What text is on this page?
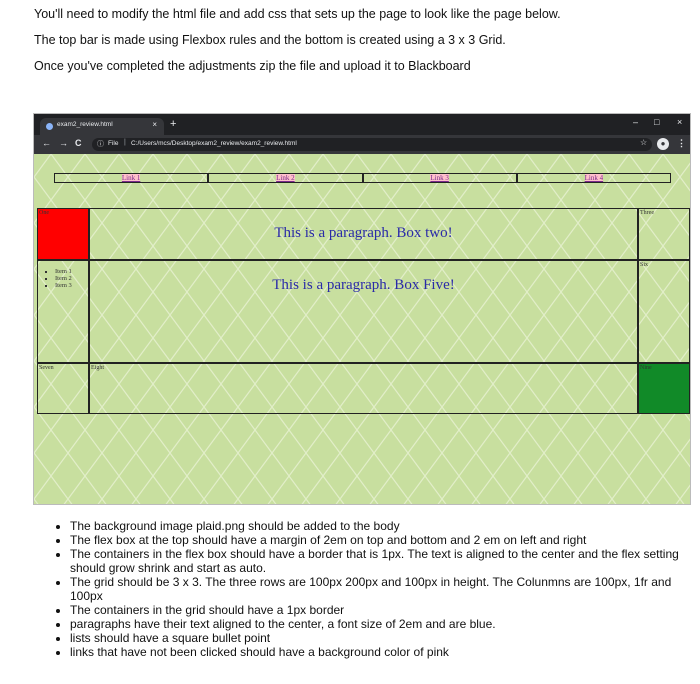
You'll need to modify the html file and add css that sets up the page to look like the page below.

The top bar is made using Flexbox rules and the bottom is created using a 3 x 3 Grid.

Once you've completed the adjustments zip the file and upload it to Blackboard

exam2_review.html	× +	– □ ×
← → C ⓘ File | C:/Users/mcs/Desktop/exam2_review/exam2_review.html	☆	●	⋮
Link 1	Link 2	Link 3	Link 4
One

This is a paragraph. Box two!

Three
▪ Item 1
▪ Item 2
▪ Item 3	This is a paragraph. Box Five!

Six
Seven	Eight	Nine
• The background image plaid.png should be added to the body
• The flex box at the top should have a margin of 2em on top and bottom and 2 em on left and right
• The containers in the flex box should have a border that is 1px. The text is aligned to the center and the flex setting should grow shrink and start as auto.
• The grid should be 3 x 3. The three rows are 100px 200px and 100px in height. The Colunmns are 100px, 1fr and 100px
• The containers in the grid should have a 1px border
• paragraphs have their text aligned to the center, a font size of 2em and are blue.
• lists should have a square bullet point
• links that have not been clicked should have a background color of pink
